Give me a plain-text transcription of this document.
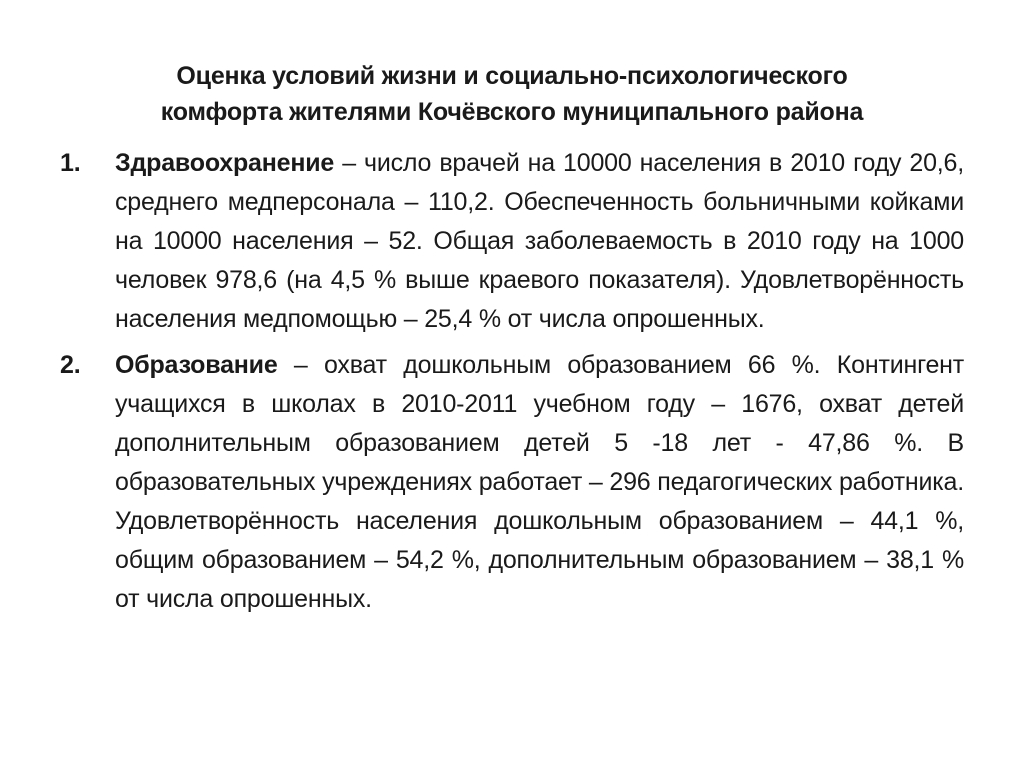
Оценка условий жизни и социально-психологического
комфорта жителями Кочёвского муниципального района
1. Здравоохранение – число врачей на 10000 населения в 2010 году 20,6, среднего медперсонала – 110,2. Обеспеченность больничными койками на 10000 населения – 52. Общая заболеваемость в 2010 году на 1000 человек 978,6 (на 4,5 % выше краевого показателя). Удовлетворённость населения медпомощью – 25,4 % от числа опрошенных.
2. Образование – охват дошкольным образованием 66 %. Контингент учащихся в школах в 2010-2011 учебном году – 1676, охват детей дополнительным образованием детей 5 -18 лет - 47,86 %. В образовательных учреждениях работает – 296 педагогических работника. Удовлетворённость населения дошкольным образованием – 44,1 %, общим образованием – 54,2 %, дополнительным образованием – 38,1 % от числа опрошенных.
